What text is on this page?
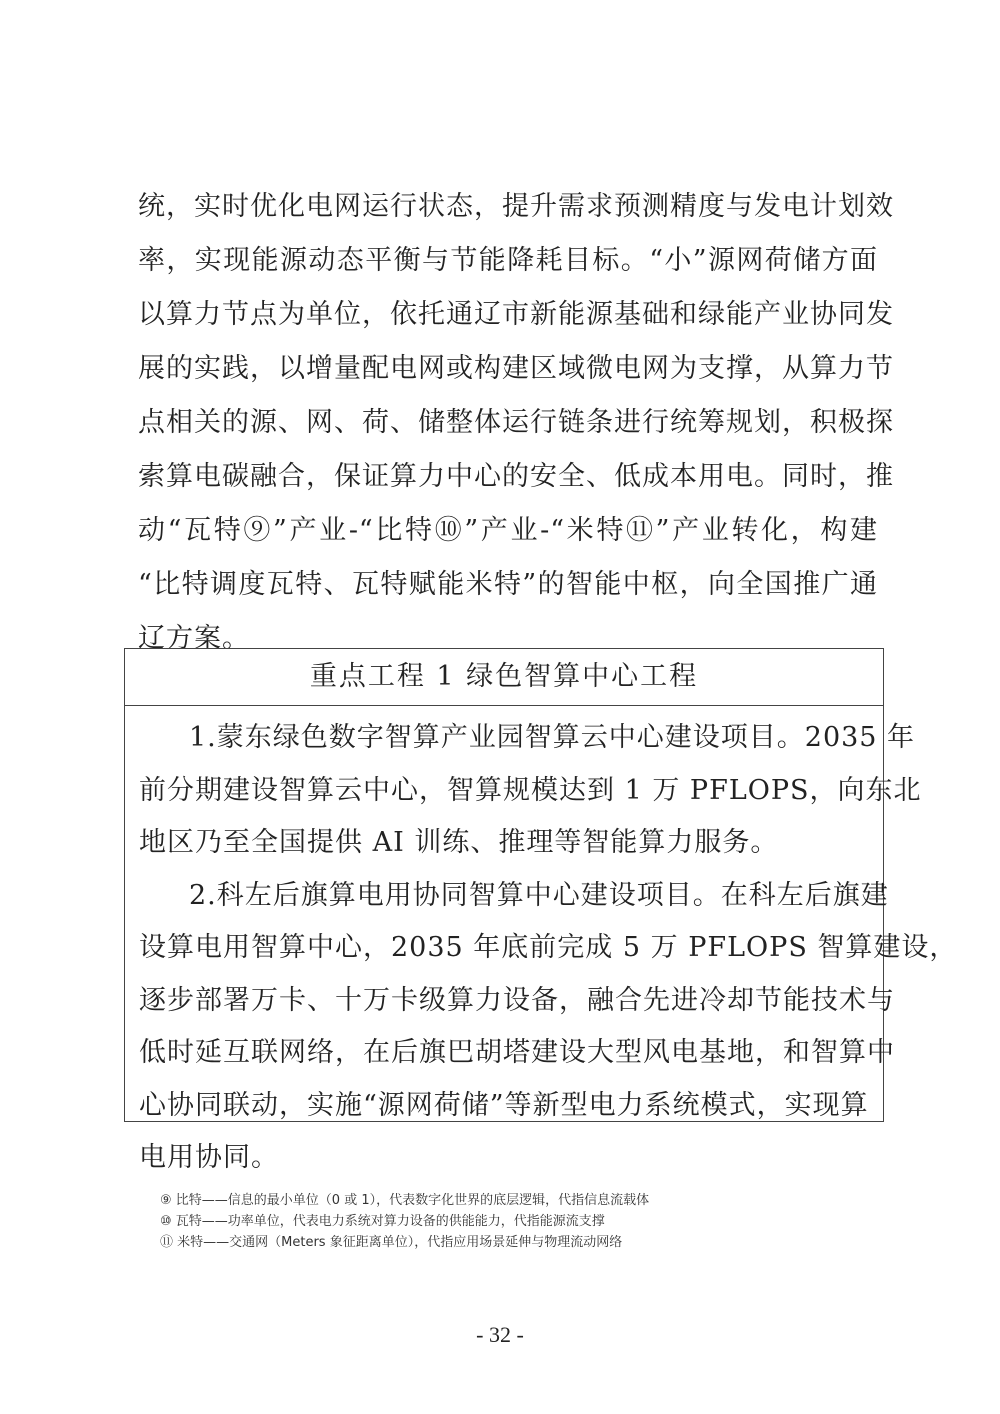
统，实时优化电网运行状态，提升需求预测精度与发电计划效
率，实现能源动态平衡与节能降耗目标。“小”源网荷储方面
以算力节点为单位，依托通辽市新能源基础和绿能产业协同发
展的实践，以增量配电网或构建区域微电网为支撑，从算力节
点相关的源、网、荷、储整体运行链条进行统筹规划，积极探
索算电碳融合，保证算力中心的安全、低成本用电。同时，推
动“瓦特⑨”产业-“比特⑩”产业-“米特⑪”产业转化，构建
“比特调度瓦特、瓦特赋能米特”的智能中枢，向全国推广通
辽方案。
重点工程 1 绿色智算中心工程
1.蒙东绿色数字智算产业园智算云中心建设项目。2035 年
前分期建设智算云中心，智算规模达到 1 万 PFLOPS，向东北
地区乃至全国提供 AI 训练、推理等智能算力服务。
2.科左后旗算电用协同智算中心建设项目。在科左后旗建
设算电用智算中心，2035 年底前完成 5 万 PFLOPS 智算建设，
逐步部署万卡、十万卡级算力设备，融合先进冷却节能技术与
低时延互联网络，在后旗巴胡塔建设大型风电基地，和智算中
心协同联动，实施“源网荷储”等新型电力系统模式，实现算
电用协同。
⑨ 比特——信息的最小单位（0 或 1），代表数字化世界的底层逻辑，代指信息流载体
⑩ 瓦特——功率单位，代表电力系统对算力设备的供能能力，代指能源流支撑
⑪ 米特——交通网（Meters 象征距离单位），代指应用场景延伸与物理流动网络
- 32 -
